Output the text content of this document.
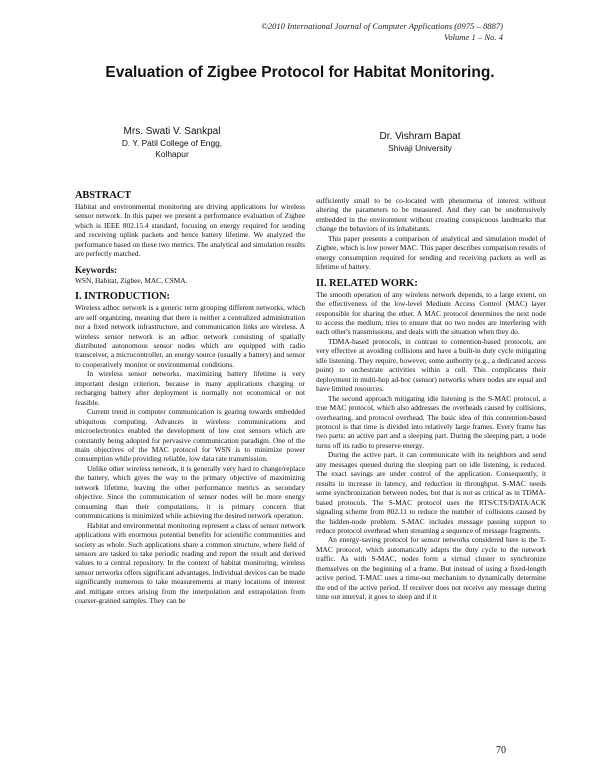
©2010 International Journal of Computer Applications (0975 – 8887)
Volume 1 – No. 4
Evaluation of Zigbee Protocol for Habitat Monitoring.
Mrs. Swati V. Sankpal
D. Y. Patil College of Engg,
Kolhapur
Dr. Vishram Bapat
Shivaji University
ABSTRACT

Habitat and environmental monitoring are driving applications for wireless sensor network. In this paper we present a performance evaluation of Zigbee which is IEEE 802.15.4 standard, focusing on energy required for sending and receiving uplink packets and hence battery lifetime. We analyzed the performance based on these two metrics. The analytical and simulation results are perfectly matched.

Keywords:

WSN, Habitat, Zigbee, MAC, CSMA.

I. INTRODUCTION:

Wireless adhoc network is a generic term grouping different networks, which are self organizing, meaning that there is neither a centralized administration nor a fixed network infrastructure, and communication links are wireless. A wireless sensor network is an adhoc network consisting of spatially distributed autonomous sensor nodes which are equipped with radio transceiver, a microcontroller, an energy source (usually a battery) and sensor to cooperatively monitor or environmental conditions.

In wireless sensor networks, maximizing battery lifetime is very important design criterion, because in many applications charging or recharging battery after deployment is normally not economical or not feasible.

Current trend in computer communication is gearing towards embedded ubiquitous computing. Advances in wireless communications and microelectronics enabled the development of low cost sensors which are constantly being adopted for pervasive communication paradigm. One of the main objectives of the MAC protocol for WSN is to minimize power consumption while providing reliable, low data rate transmission.

Unlike other wireless network, it is generally very hard to change/replace the battery, which gives the way to the primary objective of maximizing network lifetime, leaving the other performance metrics as secondary objective. Since the communication of sensor nodes will be more energy consuming than their computations, it is primary concern that communications is minimized while achieving the desired network operation.

Habitat and environmental monitoring represent a class of sensor network applications with enormous potential benefits for scientific communities and society as whole. Such applications share a common structure, where field of sensors are tasked to take periodic reading and report the result and derived values to a central repository. In the context of habitat monitoring, wireless sensor networks offers significant advantages. Individual devices can be made significantly numerous to take measurements at many locations of interest and mitigate errors arising from the interpolation and extrapolation from coarser-grained samples. They can be

sufficiently small to be co-located with phenomena of interest without altering the parameters to be measured. And they can be unobtrusively embedded in the environment without creating conspicuous landmarks that change the behaviors of its inhabitants.

This paper presents a comparison of analytical and simulation model of Zigbee, which is low power MAC. This paper describes comparison results of energy consumption required for sending and receiving packets as well as lifetime of battery.

II. RELATED WORK:

The smooth operation of any wireless network depends, to a large extent, on the effectiveness of the low-level Medium Access Control (MAC) layer responsible for sharing the ether. A MAC protocol determines the next node to access the medium, tries to ensure that no two nodes are interfering with each other's transmissions, and deals with the situation when they do.

TDMA-based protocols, in contrast to contention-based protocols, are very effective at avoiding collisions and have a built-in duty cycle mitigating idle listening. They require, however, some authority (e.g., a dedicated access point) to orchestrate activities within a cell. This complicates their deployment in multi-hop ad-hoc (sensor) networks where nodes are equal and have limited resources.

The second approach mitigating idle listening is the S-MAC protocol, a true MAC protocol, which also addresses the overheads caused by collisions, overhearing, and protocol overhead. The basic idea of this contention-based protocol is that time is divided into relatively large frames. Every frame has two parts: an active part and a sleeping part. During the sleeping part, a node turns off its radio to preserve energy.

During the active part, it can communicate with its neighbors and send any messages queued during the sleeping part on idle listening, is reduced. The exact savings are under control of the application. Consequently, it results in increase in latency, and reduction in throughput. S-MAC needs some synchronization between nodes, but that is not as critical as in TDMA-based protocols. The S-MAC protocol uses the RTS/CTS/DATA/ACK signaling scheme from 802.11 to reduce the number of collisions caused by the hidden-node problem. S-MAC includes message passing support to reduce protocol overhead when streaming a sequence of message fragments.

An energy-saving protocol for sensor networks considered here is the T-MAC protocol, which automatically adapts the duty cycle to the network traffic. As with S-MAC, nodes form a virtual cluster to synchronize themselves on the beginning of a frame. But instead of using a fixed-length active period, T-MAC uses a time-out mechanism to dynamically determine the end of the active period. If receiver does not receive any message during time out interval, it goes to sleep and if it

70
